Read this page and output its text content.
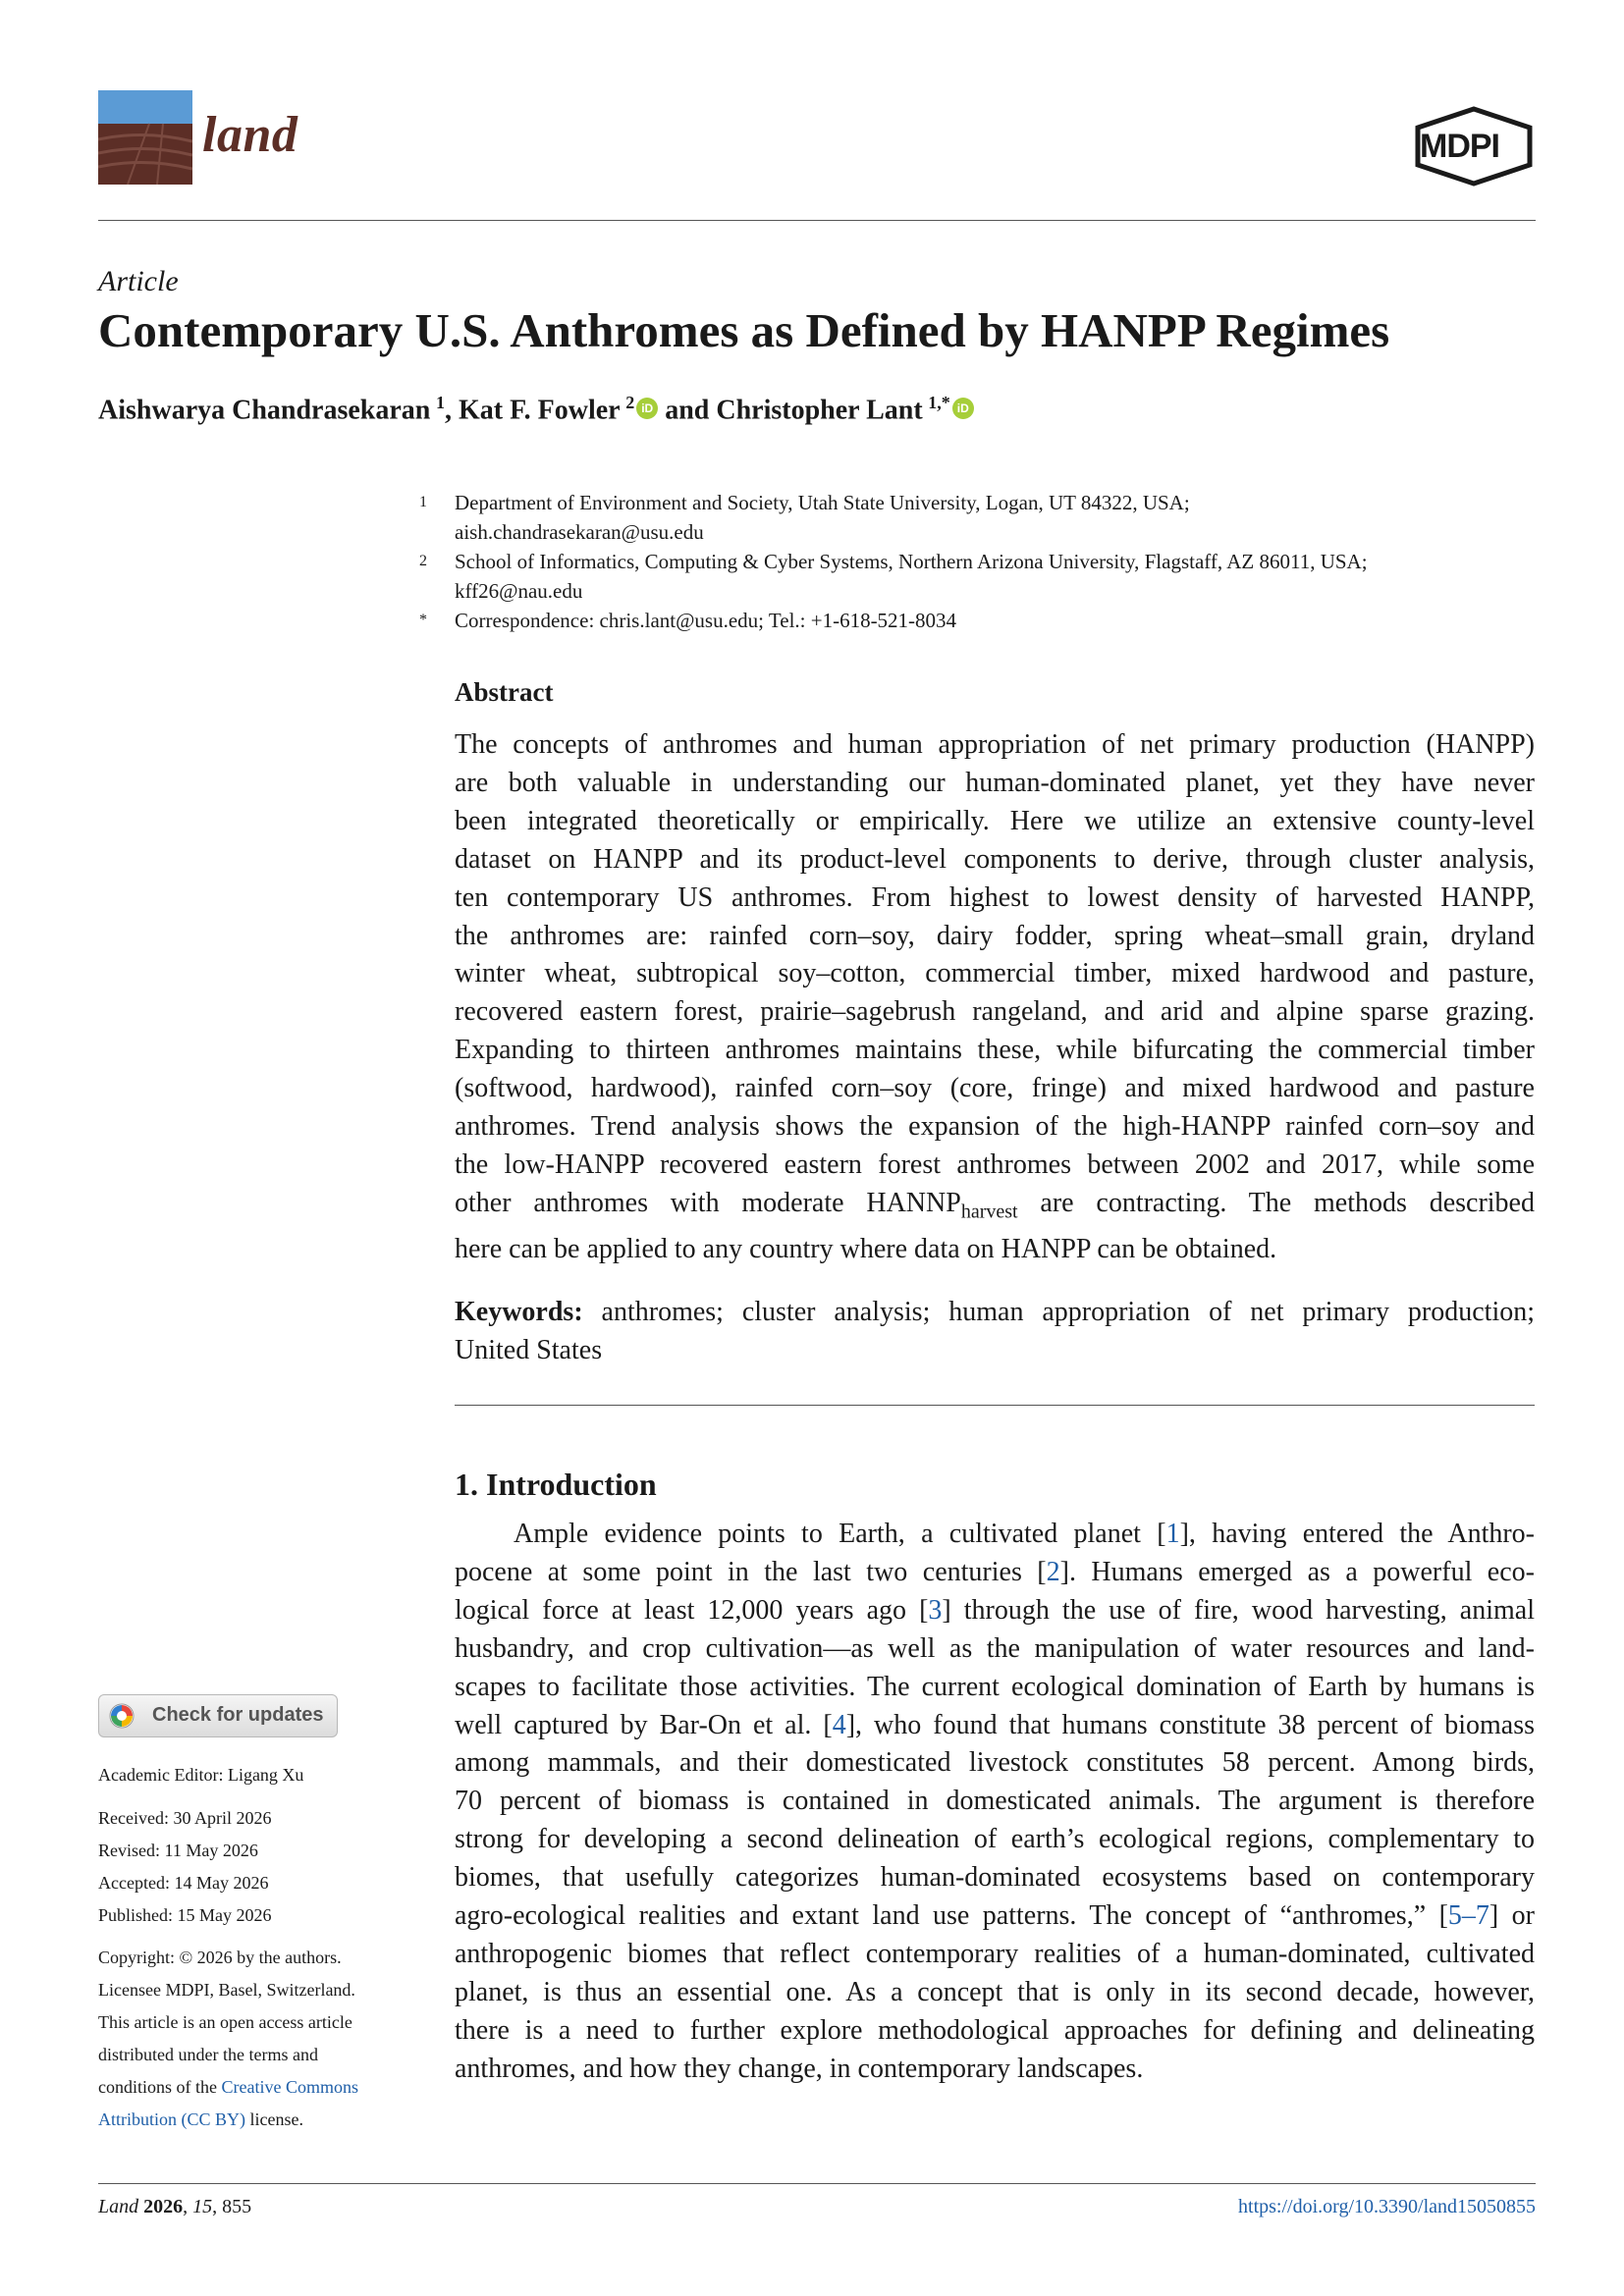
land	MDPI
Article
Contemporary U.S. Anthromes as Defined by HANPP Regimes
Aishwarya Chandrasekaran  $^1$, Kat F. Fowler  $^2$ iD and Christopher Lant  $^{1,*}$ iD
1 Department of Environment and Society, Utah State University, Logan, UT 84322, USA;
aish.chandrasekaran@usu.edu
2 School of Informatics, Computing & Cyber Systems, Northern Arizona University, Flagstaff, AZ 86011, USA;
kff26@nau.edu
* Correspondence: chris.lant@usu.edu; Tel.: +1-618-521-8034
Abstract
The concepts of anthromes and human appropriation of net primary production (HANPP)
are both valuable in understanding our human-dominated planet, yet they have never
been integrated theoretically or empirically. Here we utilize an extensive county-level
dataset on HANPP and its product-level components to derive, through cluster analysis,
ten contemporary US anthromes. From highest to lowest density of harvested HANPP,
the anthromes are: rainfed corn–soy, dairy fodder, spring wheat–small grain, dryland
winter wheat, subtropical soy–cotton, commercial timber, mixed hardwood and pasture,
recovered eastern forest, prairie–sagebrush rangeland, and arid and alpine sparse grazing.
Expanding to thirteen anthromes maintains these, while bifurcating the commercial timber
(softwood, hardwood), rainfed corn–soy (core, fringe) and mixed hardwood and pasture
anthromes. Trend analysis shows the expansion of the high-HANPP rainfed corn–soy and
the low-HANPP recovered eastern forest anthromes between 2002 and 2017, while some
other anthromes with moderate $HANNP_{harvest}$ are contracting. The methods described
here can be applied to any country where data on HANPP can be obtained.
Keywords: anthromes; cluster analysis; human appropriation of net primary production;
United States
1. Introduction
Ample evidence points to Earth, a cultivated planet [1], having entered the Anthro-
pocene at some point in the last two centuries [2]. Humans emerged as a powerful eco-
logical force at least 12,000 years ago [3] through the use of fire, wood harvesting, animal
husbandry, and crop cultivation—as well as the manipulation of water resources and land-
scapes to facilitate those activities. The current ecological domination of Earth by humans is
well captured by Bar-On et al. [4], who found that humans constitute 38 percent of biomass
among mammals, and their domesticated livestock constitutes 58 percent. Among birds,
70 percent of biomass is contained in domesticated animals. The argument is therefore
strong for developing a second delineation of earth’s ecological regions, complementary to
biomes, that usefully categorizes human-dominated ecosystems based on contemporary
agro-ecological realities and extant land use patterns. The concept of “anthromes,” [5–7] or
anthropogenic biomes that reflect contemporary realities of a human-dominated, cultivated
planet, is thus an essential one. As a concept that is only in its second decade, however,
there is a need to further explore methodological approaches for defining and delineating
anthromes, and how they change, in contemporary landscapes.
Check for updates
Academic Editor: Ligang Xu
Received: 30 April 2026
Revised: 11 May 2026
Accepted: 14 May 2026
Published: 15 May 2026
Copyright: © 2026 by the authors.
Licensee MDPI, Basel, Switzerland.
This article is an open access article
distributed under the terms and
conditions of the Creative Commons
Attribution (CC BY) license.
Land 2026, 15, 855	https://doi.org/10.3390/land15050855
